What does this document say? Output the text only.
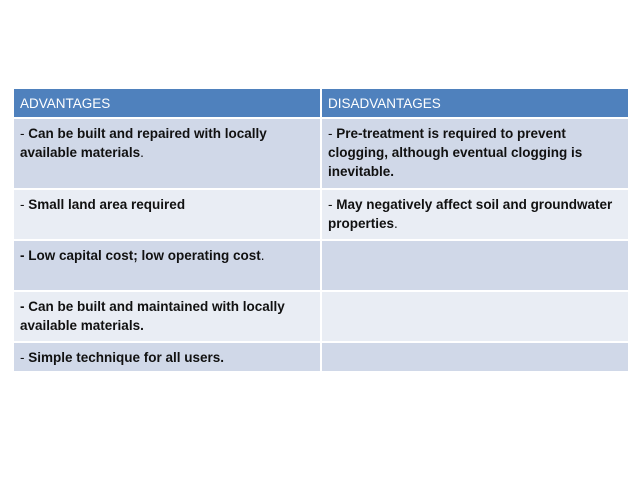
ADVANTAGES	DISADVANTAGES
- Can be built and repaired with locally available materials.	- Pre-treatment is required to prevent clogging, although eventual clogging is inevitable.
- Small land area required	- May negatively affect soil and groundwater properties.
- Low capital cost; low operating cost.	
- Can be built and maintained with locally available materials.	
- Simple technique for all users.	
